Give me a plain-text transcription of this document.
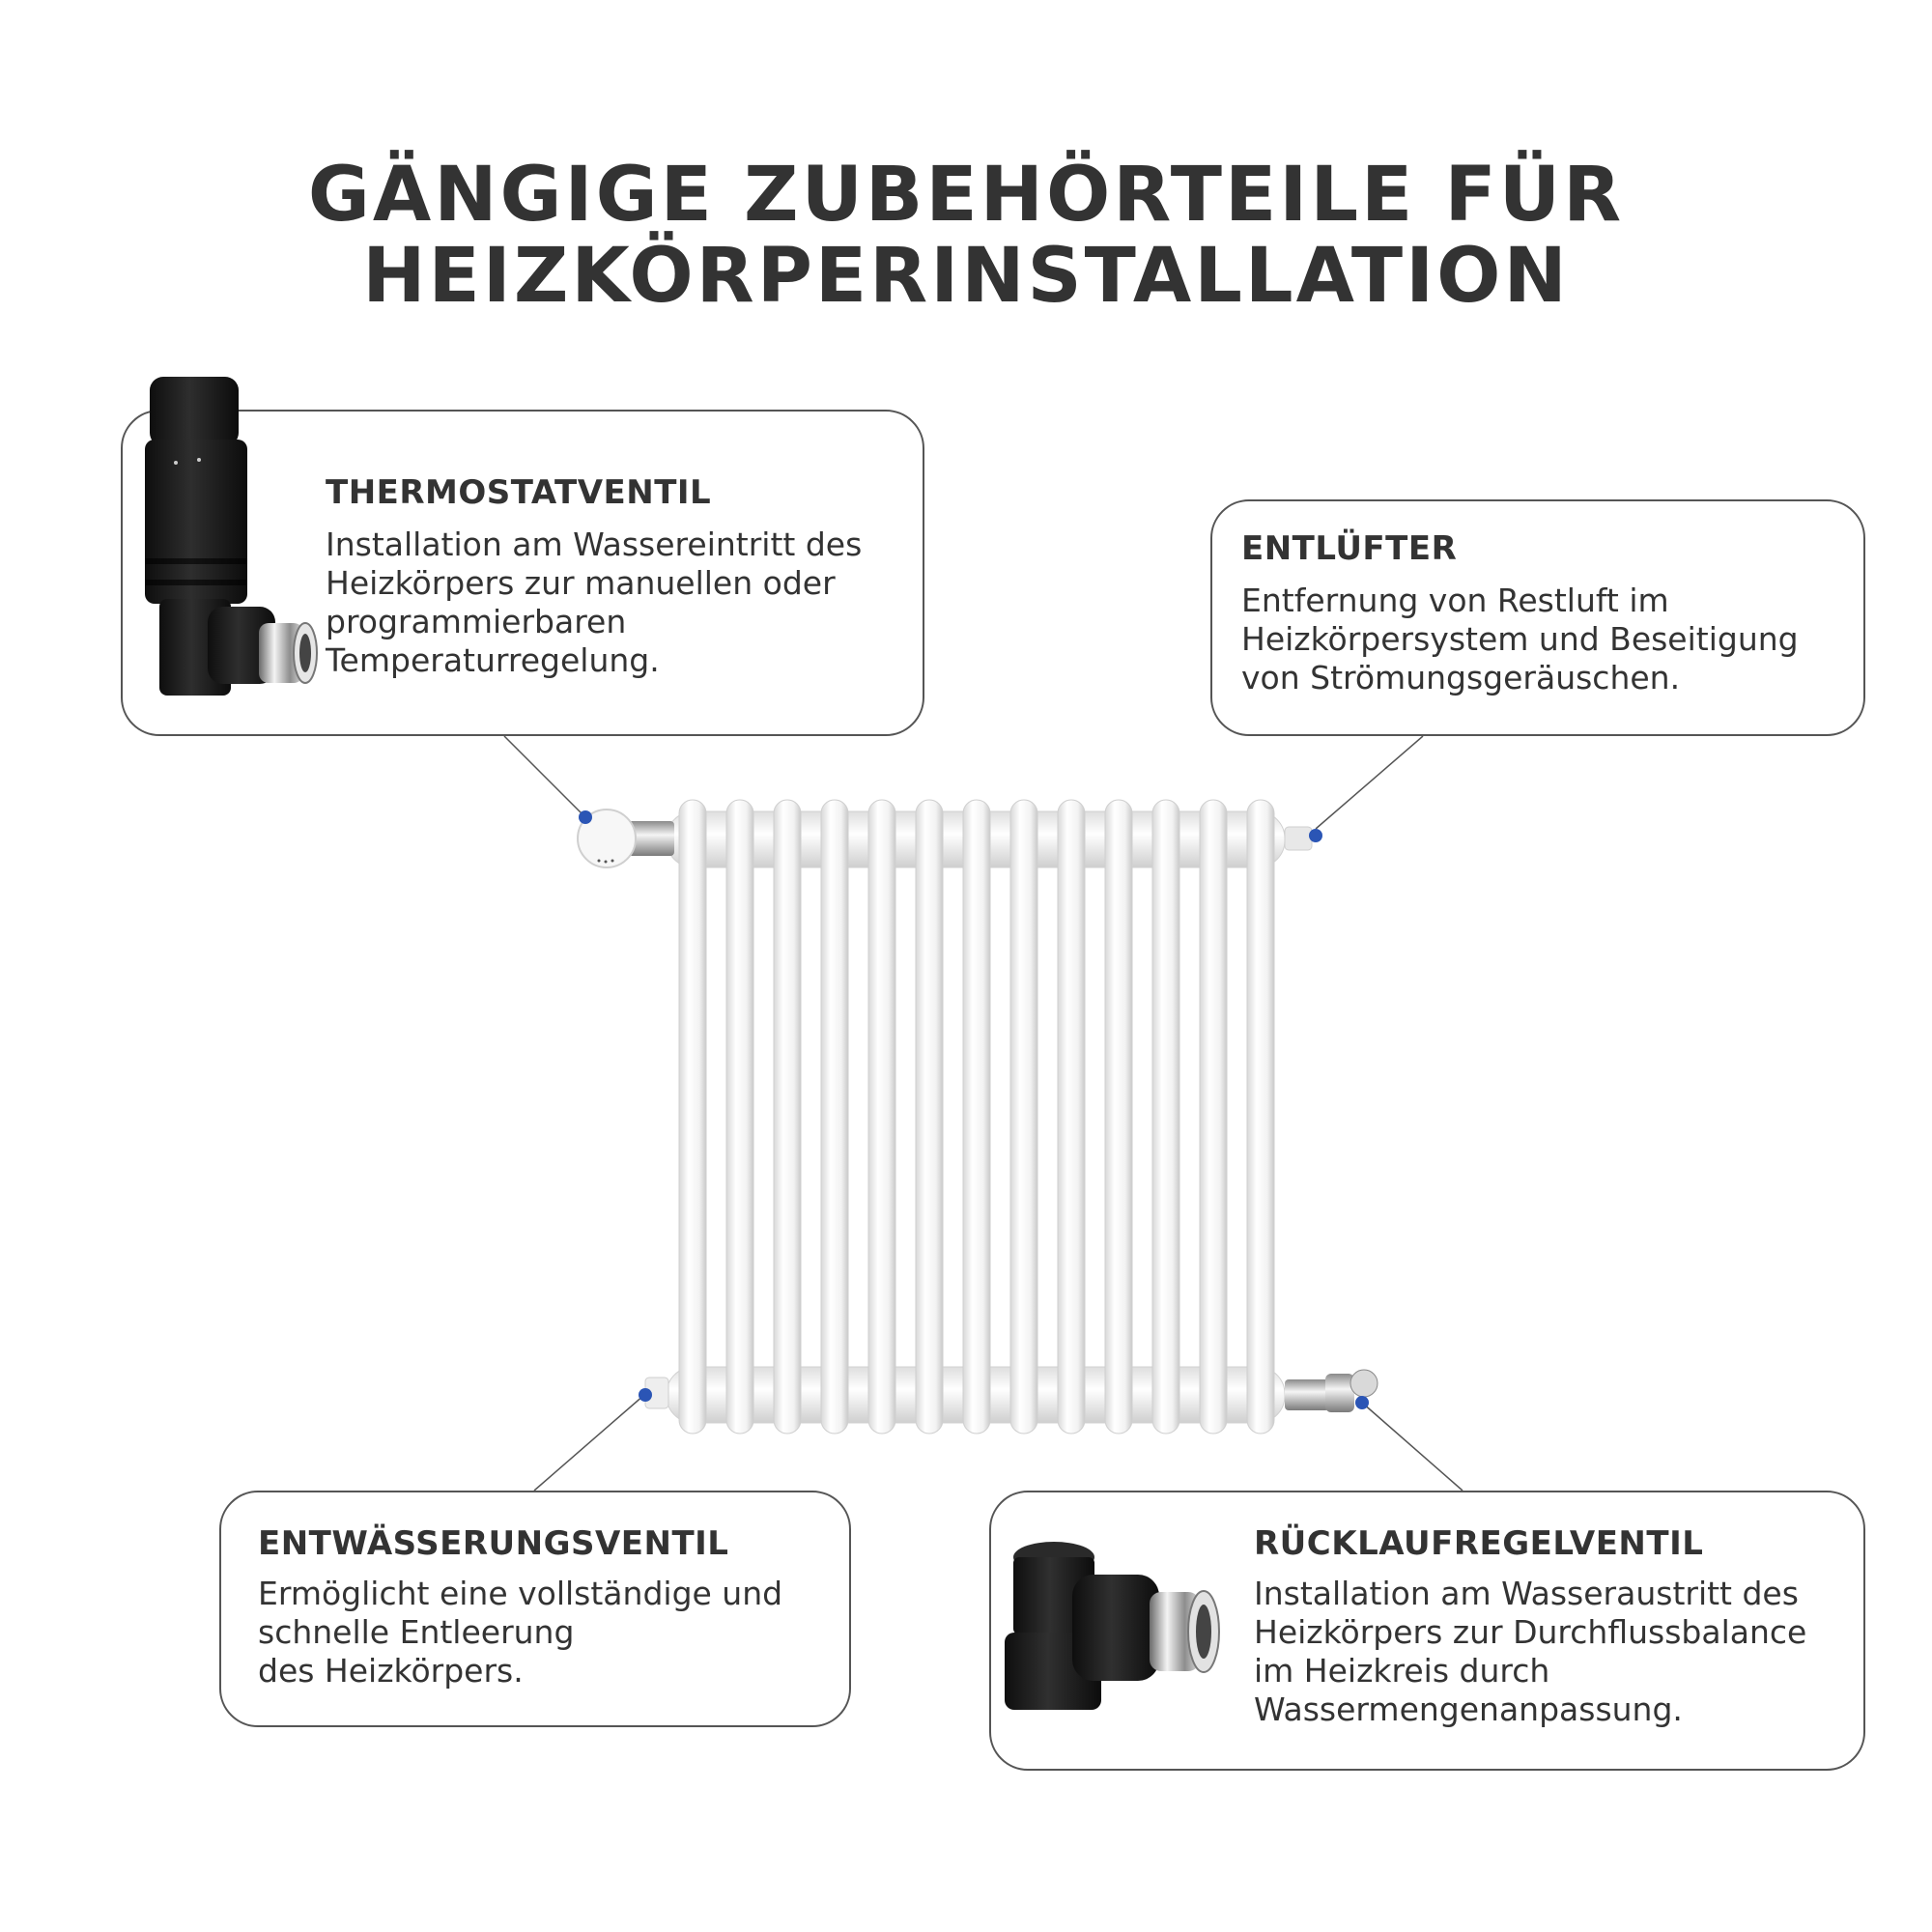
GÄNGIGE ZUBEHÖRTEILE FÜR
HEIZKÖRPERINSTALLATION
THERMOSTATVENTIL
Installation am Wassereintritt des
Heizkörpers zur manuellen oder
programmierbaren
Temperaturregelung.
ENTLÜFTER
Entfernung von Restluft im
Heizkörpersystem und Beseitigung
von Strömungsgeräuschen.
ENTWÄSSERUNGSVENTIL
Ermöglicht eine vollständige und
schnelle Entleerung
des Heizkörpers.
RÜCKLAUFREGELVENTIL
Installation am Wasseraustritt des
Heizkörpers zur Durchflussbalance
im Heizkreis durch
Wassermengenanpassung.
